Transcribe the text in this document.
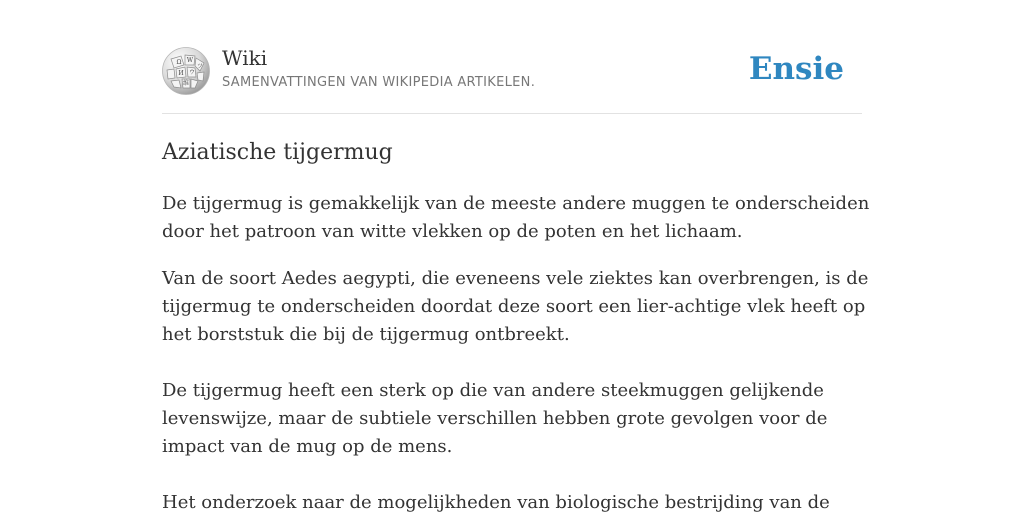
Ω W
И ウ
ツ
维
Wiki
SAMENVATTINGEN VAN WIKIPEDIA ARTIKELEN.	Ensie
Aziatische tijgermug

De tijgermug is gemakkelijk van de meeste andere muggen te onderscheiden door het patroon van witte vlekken op de poten en het lichaam.

Van de soort Aedes aegypti, die eveneens vele ziektes kan overbrengen, is de tijgermug te onderscheiden doordat deze soort een lier-achtige vlek heeft op het borststuk die bij de tijgermug ontbreekt.

De tijgermug heeft een sterk op die van andere steekmuggen gelijkende levenswijze, maar de subtiele verschillen hebben grote gevolgen voor de impact van de mug op de mens.

Het onderzoek naar de mogelijkheden van biologische bestrijding van de
